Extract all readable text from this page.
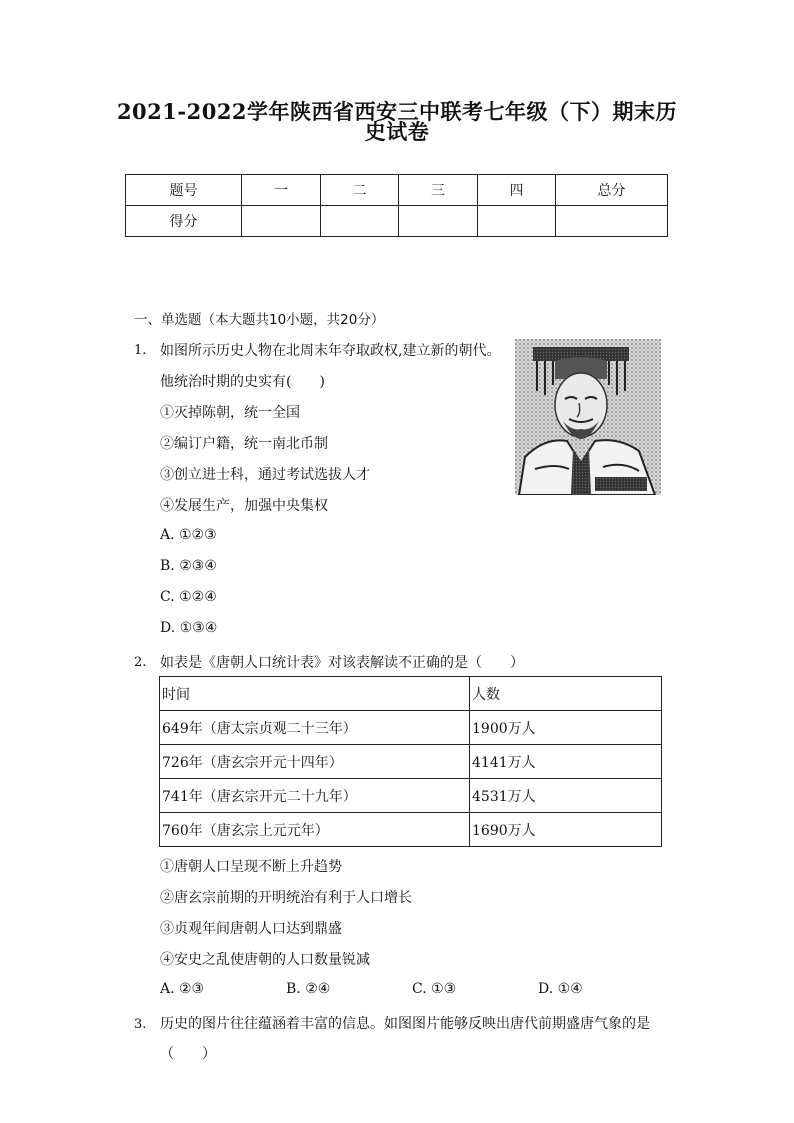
2021-2022学年陕西省西安三中联考七年级（下）期末历
史试卷
题号	一	二	三	四	总分
得分					
一、单选题（本大题共10小题，共20分）
1. 如图所示历史人物在北周末年夺取政权,建立新的朝代。
他统治时期的史实有(　　)
①灭掉陈朝，统一全国
②编订户籍，统一南北币制
③创立进士科，通过考试选拔人才
④发展生产，加强中央集权
A. ①②③
B. ②③④
C. ①②④
D. ①③④
2. 如表是《唐朝人口统计表》对该表解读不正确的是（　　）
时间	人数
649年（唐太宗贞观二十三年）	1900万人
726年（唐玄宗开元十四年）	4141万人
741年（唐玄宗开元二十九年）	4531万人
760年（唐玄宗上元元年）	1690万人
①唐朝人口呈现不断上升趋势
②唐玄宗前期的开明统治有利于人口增长
③贞观年间唐朝人口达到鼎盛
④安史之乱使唐朝的人口数量锐减
A. ②③	B. ②④	C. ①③	D. ①④
3. 历史的图片往往蕴涵着丰富的信息。如图图片能够反映出唐代前期盛唐气象的是
（　　）
